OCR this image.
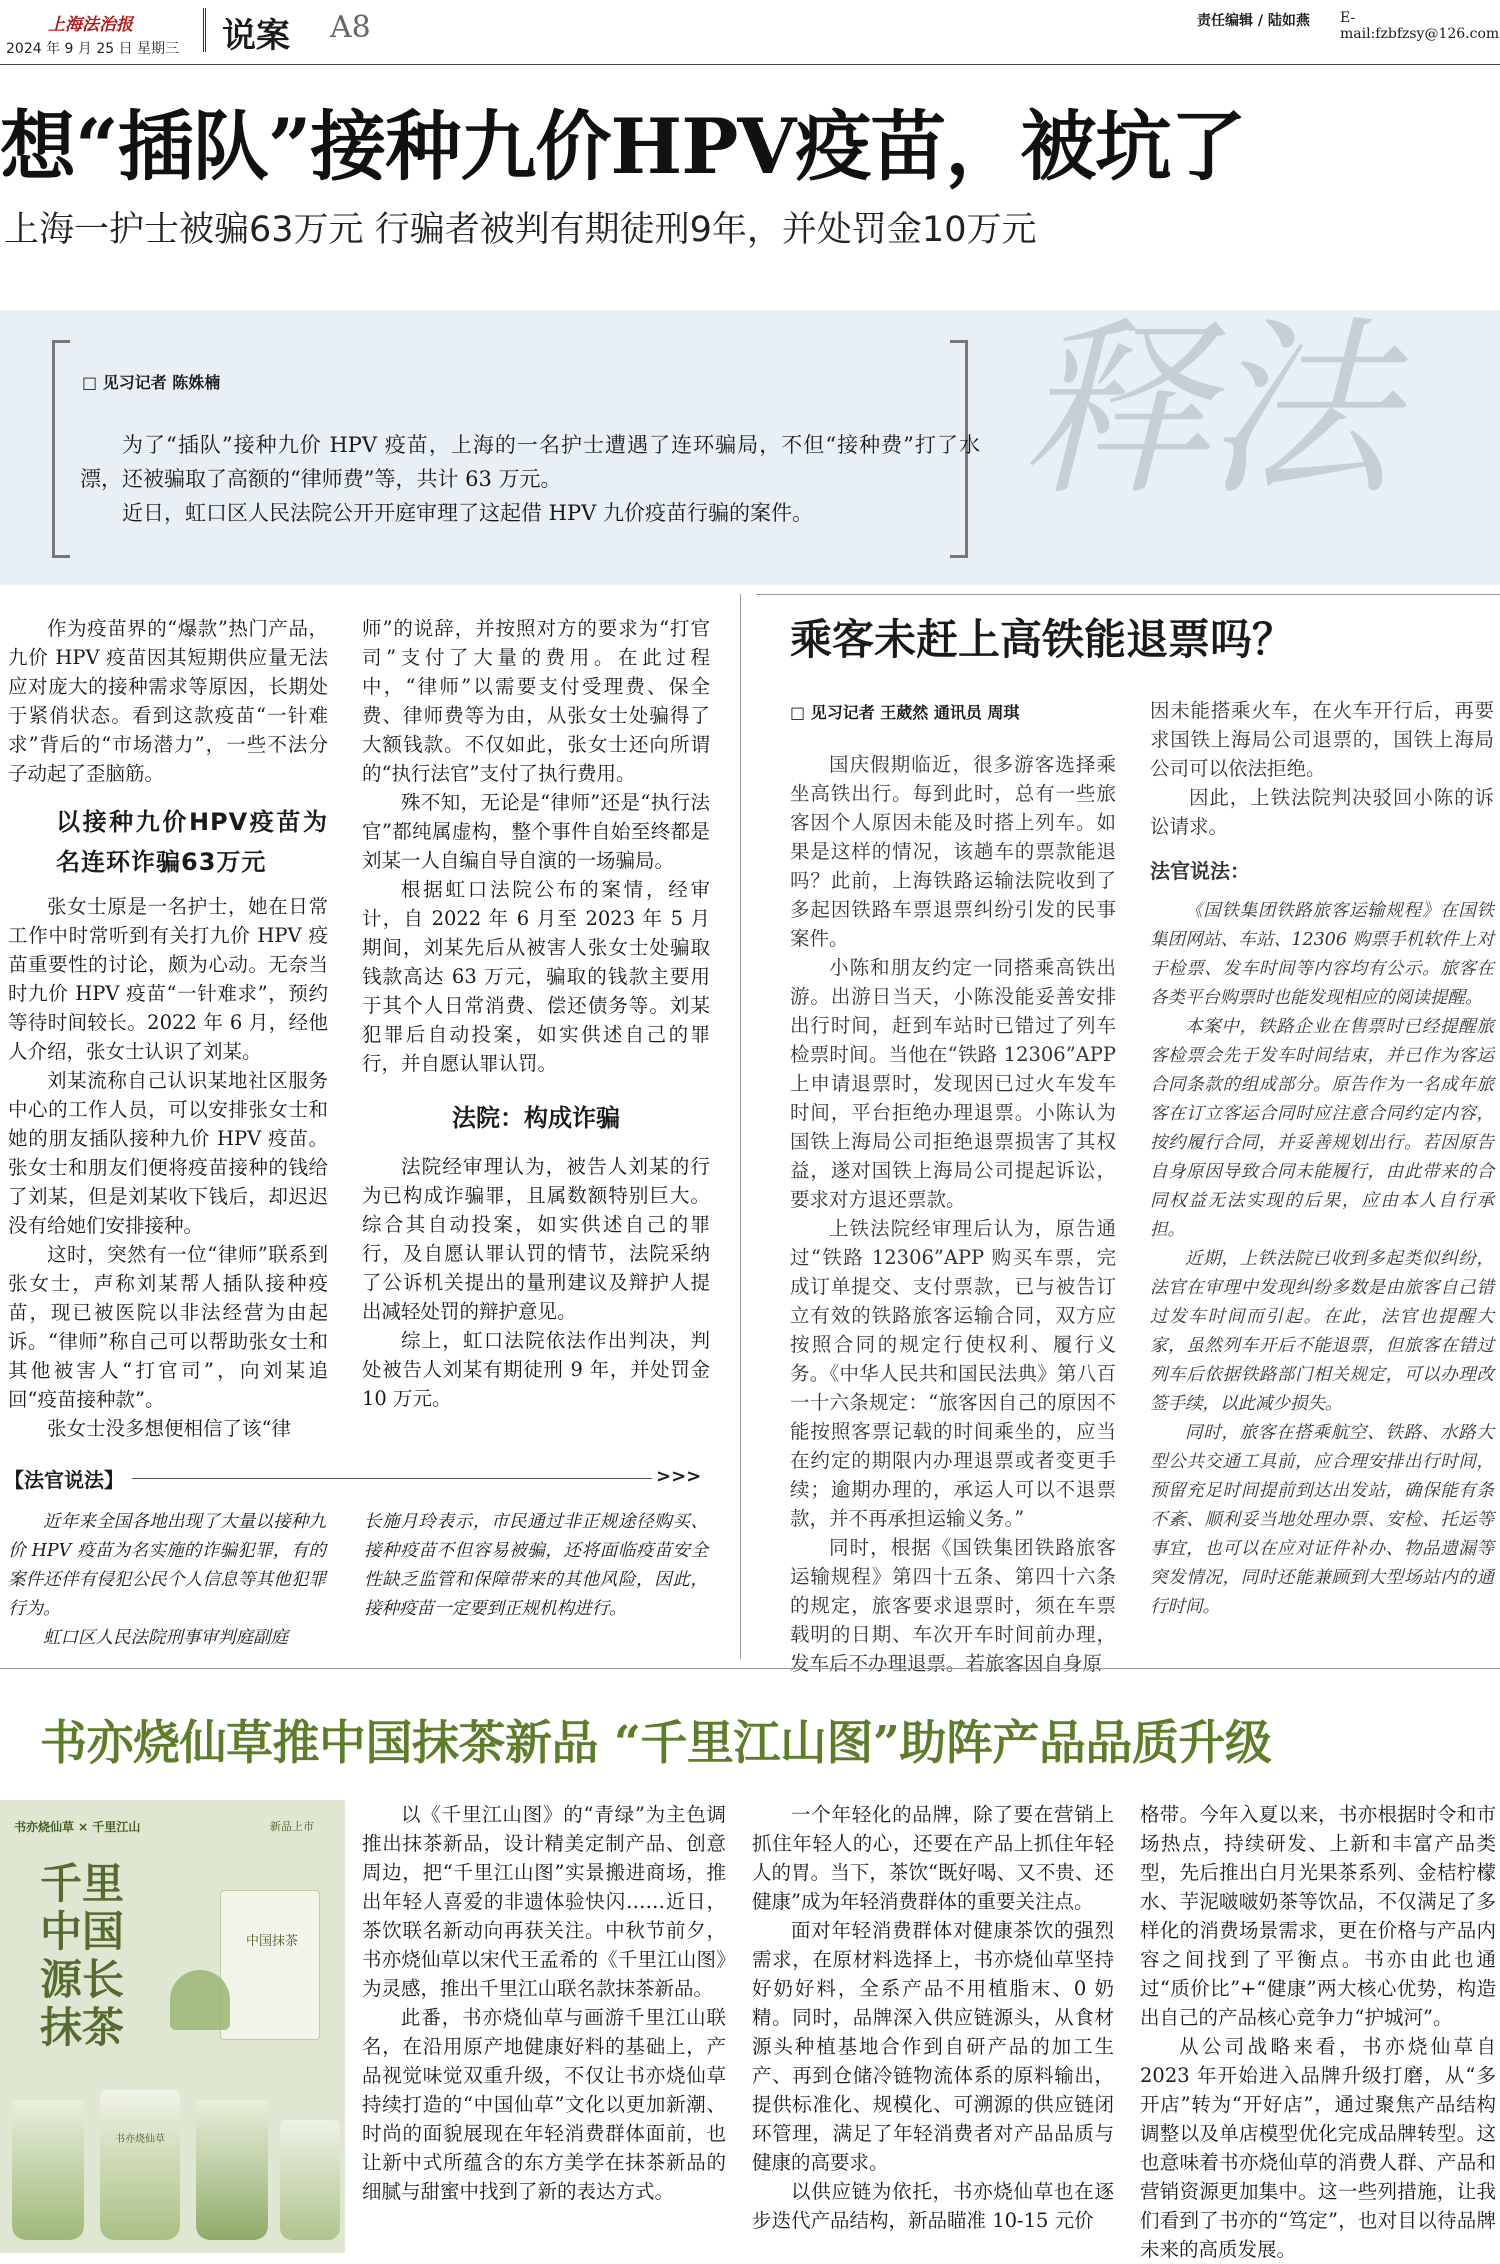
上海法治报
2024 年 9 月 25 日 星期三 说案 A8	责任编辑 / 陆如燕 E-mail:fzbfzsy@126.com
想“插队”接种九价HPV疫苗，被坑了
上海一护士被骗63万元 行骗者被判有期徒刑9年，并处罚金10万元
释法
□ 见习记者 陈姝楠

为了“插队”接种九价 HPV 疫苗，上海的一名护士遭遇了连环骗局，不但“接种费”打了水漂，还被骗取了高额的“律师费”等，共计 63 万元。

近日，虹口区人民法院公开开庭审理了这起借 HPV 九价疫苗行骗的案件。

作为疫苗界的“爆款”热门产品，九价 HPV 疫苗因其短期供应量无法应对庞大的接种需求等原因，长期处于紧俏状态。看到这款疫苗“一针难求”背后的“市场潜力”，一些不法分子动起了歪脑筋。

以接种九价HPV疫苗为名连环诈骗63万元

张女士原是一名护士，她在日常工作中时常听到有关打九价 HPV 疫苗重要性的讨论，颇为心动。无奈当时九价 HPV 疫苗“一针难求”，预约等待时间较长。2022 年 6 月，经他人介绍，张女士认识了刘某。

刘某流称自己认识某地社区服务中心的工作人员，可以安排张女士和她的朋友插队接种九价 HPV 疫苗。张女士和朋友们便将疫苗接种的钱给了刘某，但是刘某收下钱后，却迟迟没有给她们安排接种。

这时，突然有一位“律师”联系到张女士，声称刘某帮人插队接种疫苗，现已被医院以非法经营为由起诉。“律师”称自己可以帮助张女士和其他被害人“打官司”，向刘某追回“疫苗接种款”。

张女士没多想便相信了该“律

师”的说辞，并按照对方的要求为“打官司”支付了大量的费用。在此过程中，“律师”以需要支付受理费、保全费、律师费等为由，从张女士处骗得了大额钱款。不仅如此，张女士还向所谓的“执行法官”支付了执行费用。

殊不知，无论是“律师”还是“执行法官”都纯属虚构，整个事件自始至终都是刘某一人自编自导自演的一场骗局。

根据虹口法院公布的案情，经审计，自 2022 年 6 月至 2023 年 5 月期间，刘某先后从被害人张女士处骗取钱款高达 63 万元，骗取的钱款主要用于其个人日常消费、偿还债务等。刘某犯罪后自动投案，如实供述自己的罪行，并自愿认罪认罚。

法院：构成诈骗

法院经审理认为，被告人刘某的行为已构成诈骗罪，且属数额特别巨大。综合其自动投案，如实供述自己的罪行，及自愿认罪认罚的情节，法院采纳了公诉机关提出的量刑建议及辩护人提出减轻处罚的辩护意见。

综上，虹口法院依法作出判决，判处被告人刘某有期徒刑 9 年，并处罚金 10 万元。

【法官说法】	>>>

近年来全国各地出现了大量以接种九价 HPV 疫苗为名实施的诈骗犯罪，有的案件还伴有侵犯公民个人信息等其他犯罪行为。

虹口区人民法院刑事审判庭副庭

长施月玲表示，市民通过非正规途径购买、接种疫苗不但容易被骗，还将面临疫苗安全性缺乏监管和保障带来的其他风险，因此，接种疫苗一定要到正规机构进行。

乘客未赶上高铁能退票吗？
□ 见习记者 王葳然 通讯员 周琪

国庆假期临近，很多游客选择乘坐高铁出行。每到此时，总有一些旅客因个人原因未能及时搭上列车。如果是这样的情况，该趟车的票款能退吗？此前，上海铁路运输法院收到了多起因铁路车票退票纠纷引发的民事案件。

小陈和朋友约定一同搭乘高铁出游。出游日当天，小陈没能妥善安排出行时间，赶到车站时已错过了列车检票时间。当他在“铁路 12306”APP 上申请退票时，发现因已过火车发车时间，平台拒绝办理退票。小陈认为国铁上海局公司拒绝退票损害了其权益，遂对国铁上海局公司提起诉讼，要求对方退还票款。

上铁法院经审理后认为，原告通过“铁路 12306”APP 购买车票，完成订单提交、支付票款，已与被告订立有效的铁路旅客运输合同，双方应按照合同的规定行使权利、履行义务。《中华人民共和国民法典》第八百一十六条规定：“旅客因自己的原因不能按照客票记载的时间乘坐的，应当在约定的期限内办理退票或者变更手续；逾期办理的，承运人可以不退票款，并不再承担运输义务。”

同时，根据《国铁集团铁路旅客运输规程》第四十五条、第四十六条的规定，旅客要求退票时，须在车票载明的日期、车次开车时间前办理，发车后不办理退票。若旅客因自身原

因未能搭乘火车，在火车开行后，再要求国铁上海局公司退票的，国铁上海局公司可以依法拒绝。

因此，上铁法院判决驳回小陈的诉讼请求。

法官说法：

《国铁集团铁路旅客运输规程》在国铁集团网站、车站、12306 购票手机软件上对于检票、发车时间等内容均有公示。旅客在各类平台购票时也能发现相应的阅读提醒。

本案中，铁路企业在售票时已经提醒旅客检票会先于发车时间结束，并已作为客运合同条款的组成部分。原告作为一名成年旅客在订立客运合同时应注意合同约定内容，按约履行合同，并妥善规划出行。若因原告自身原因导致合同未能履行，由此带来的合同权益无法实现的后果，应由本人自行承担。

近期，上铁法院已收到多起类似纠纷，法官在审理中发现纠纷多数是由旅客自己错过发车时间而引起。在此，法官也提醒大家，虽然列车开后不能退票，但旅客在错过列车后依据铁路部门相关规定，可以办理改签手续，以此减少损失。

同时，旅客在搭乘航空、铁路、水路大型公共交通工具前，应合理安排出行时间，预留充足时间提前到达出发站，确保能有条不紊、顺利妥当地处理办票、安检、托运等事宜，也可以在应对证件补办、物品遗漏等突发情况，同时还能兼顾到大型场站内的通行时间。

书亦烧仙草推中国抹茶新品 “千里江山图”助阵产品品质升级
书亦烧仙草 × 千里江山	新品上市
千里
中国
源长
抹茶
中国抹茶
书亦烧仙草

以《千里江山图》的“青绿”为主色调推出抹茶新品，设计精美定制产品、创意周边，把“千里江山图”实景搬进商场，推出年轻人喜爱的非遗体验快闪……近日，茶饮联名新动向再获关注。中秋节前夕，书亦烧仙草以宋代王孟希的《千里江山图》为灵感，推出千里江山联名款抹茶新品。

此番，书亦烧仙草与画游千里江山联名，在沿用原产地健康好料的基础上，产品视觉味觉双重升级，不仅让书亦烧仙草持续打造的“中国仙草”文化以更加新潮、时尚的面貌展现在年轻消费群体面前，也让新中式所蕴含的东方美学在抹茶新品的细腻与甜蜜中找到了新的表达方式。

一个年轻化的品牌，除了要在营销上抓住年轻人的心，还要在产品上抓住年轻人的胃。当下，茶饮“既好喝、又不贵、还健康”成为年轻消费群体的重要关注点。

面对年轻消费群体对健康茶饮的强烈需求，在原材料选择上，书亦烧仙草坚持好奶好料，全系产品不用植脂末、0 奶精。同时，品牌深入供应链源头，从食材源头种植基地合作到自研产品的加工生产、再到仓储冷链物流体系的原料输出，提供标准化、规模化、可溯源的供应链闭环管理，满足了年轻消费者对产品品质与健康的高要求。

以供应链为依托，书亦烧仙草也在逐步迭代产品结构，新品瞄准 10-15 元价

格带。今年入夏以来，书亦根据时令和市场热点，持续研发、上新和丰富产品类型，先后推出白月光果茶系列、金桔柠檬水、芋泥啵啵奶茶等饮品，不仅满足了多样化的消费场景需求，更在价格与产品内容之间找到了平衡点。书亦由此也通过“质价比”+“健康”两大核心优势，构造出自己的产品核心竞争力“护城河”。

从公司战略来看，书亦烧仙草自 2023 年开始进入品牌升级打磨，从“多开店”转为“开好店”，通过聚焦产品结构调整以及单店模型优化完成品牌转型。这也意味着书亦烧仙草的消费人群、产品和营销资源更加集中。这一些列措施，让我们看到了书亦的“笃定”，也对目以待品牌未来的高质发展。
